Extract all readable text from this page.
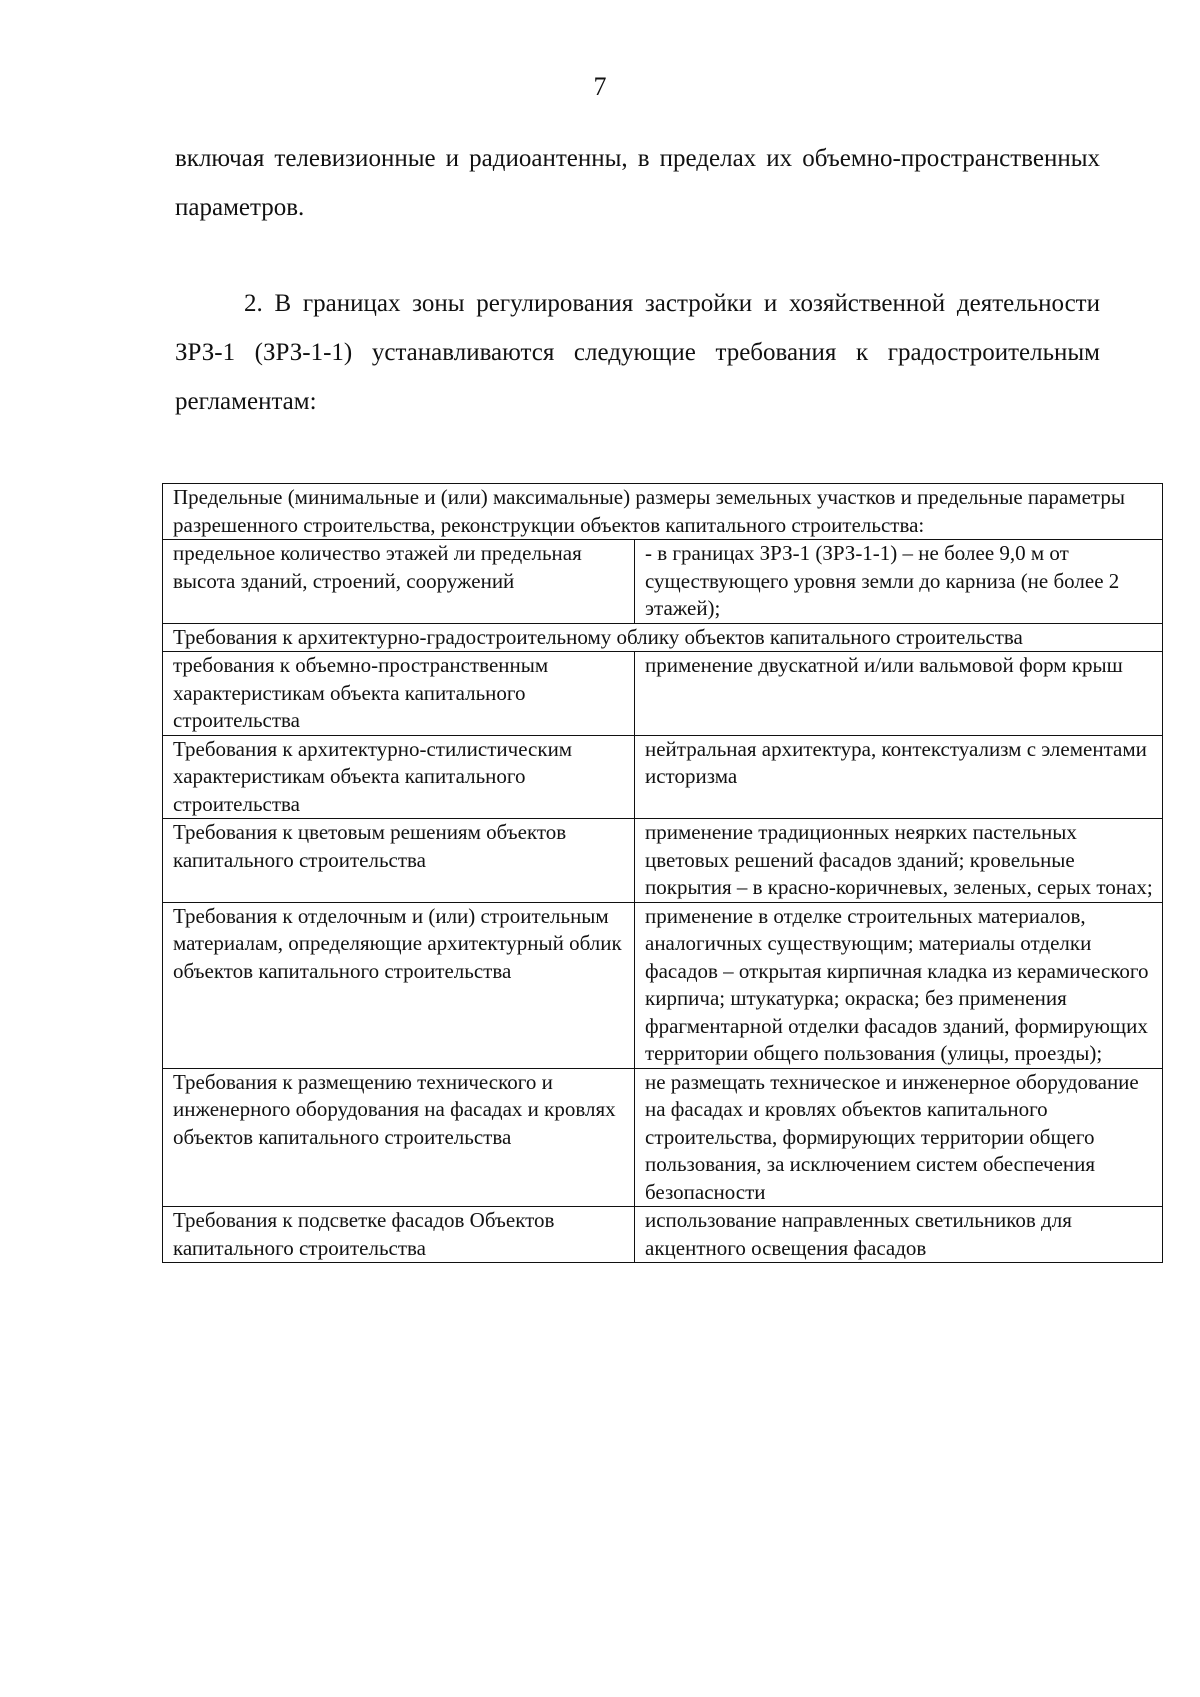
7
включая телевизионные и радиоантенны, в пределах их объемно-пространственных параметров.
2. В границах зоны регулирования застройки и хозяйственной деятельности ЗРЗ-1 (ЗРЗ-1-1) устанавливаются следующие требования к градостроительным регламентам:
Предельные (минимальные и (или) максимальные) размеры земельных участков и предельные параметры разрешенного строительства, реконструкции объектов капитального строительства:	
предельное количество этажей ли предельная высота зданий, строений, сооружений	- в границах ЗРЗ-1 (ЗРЗ-1-1) – не более 9,0 м от существующего уровня земли до карниза (не более 2 этажей);
Требования к архитектурно-градостроительному облику объектов капитального строительства	
требования к объемно-пространственным характеристикам объекта капитального строительства	применение двускатной и/или вальмовой форм крыш
Требования к архитектурно-стилистическим характеристикам объекта капитального строительства	нейтральная архитектура, контекстуализм с элементами историзма
Требования к цветовым решениям объектов капитального строительства	применение традиционных неярких пастельных цветовых решений фасадов зданий; кровельные покрытия – в красно-коричневых, зеленых, серых тонах;
Требования к отделочным и (или) строительным материалам, определяющие архитектурный облик объектов капитального строительства	применение в отделке строительных материалов, аналогичных существующим; материалы отделки фасадов – открытая кирпичная кладка из керамического кирпича; штукатурка; окраска; без применения фрагментарной отделки фасадов зданий, формирующих территории общего пользования (улицы, проезды);
Требования к размещению технического и инженерного оборудования на фасадах и кровлях объектов капитального строительства	не размещать техническое и инженерное оборудование на фасадах и кровлях объектов капитального строительства, формирующих территории общего пользования, за исключением систем обеспечения безопасности
Требования к подсветке фасадов Объектов капитального строительства	использование направленных светильников для акцентного освещения фасадов
